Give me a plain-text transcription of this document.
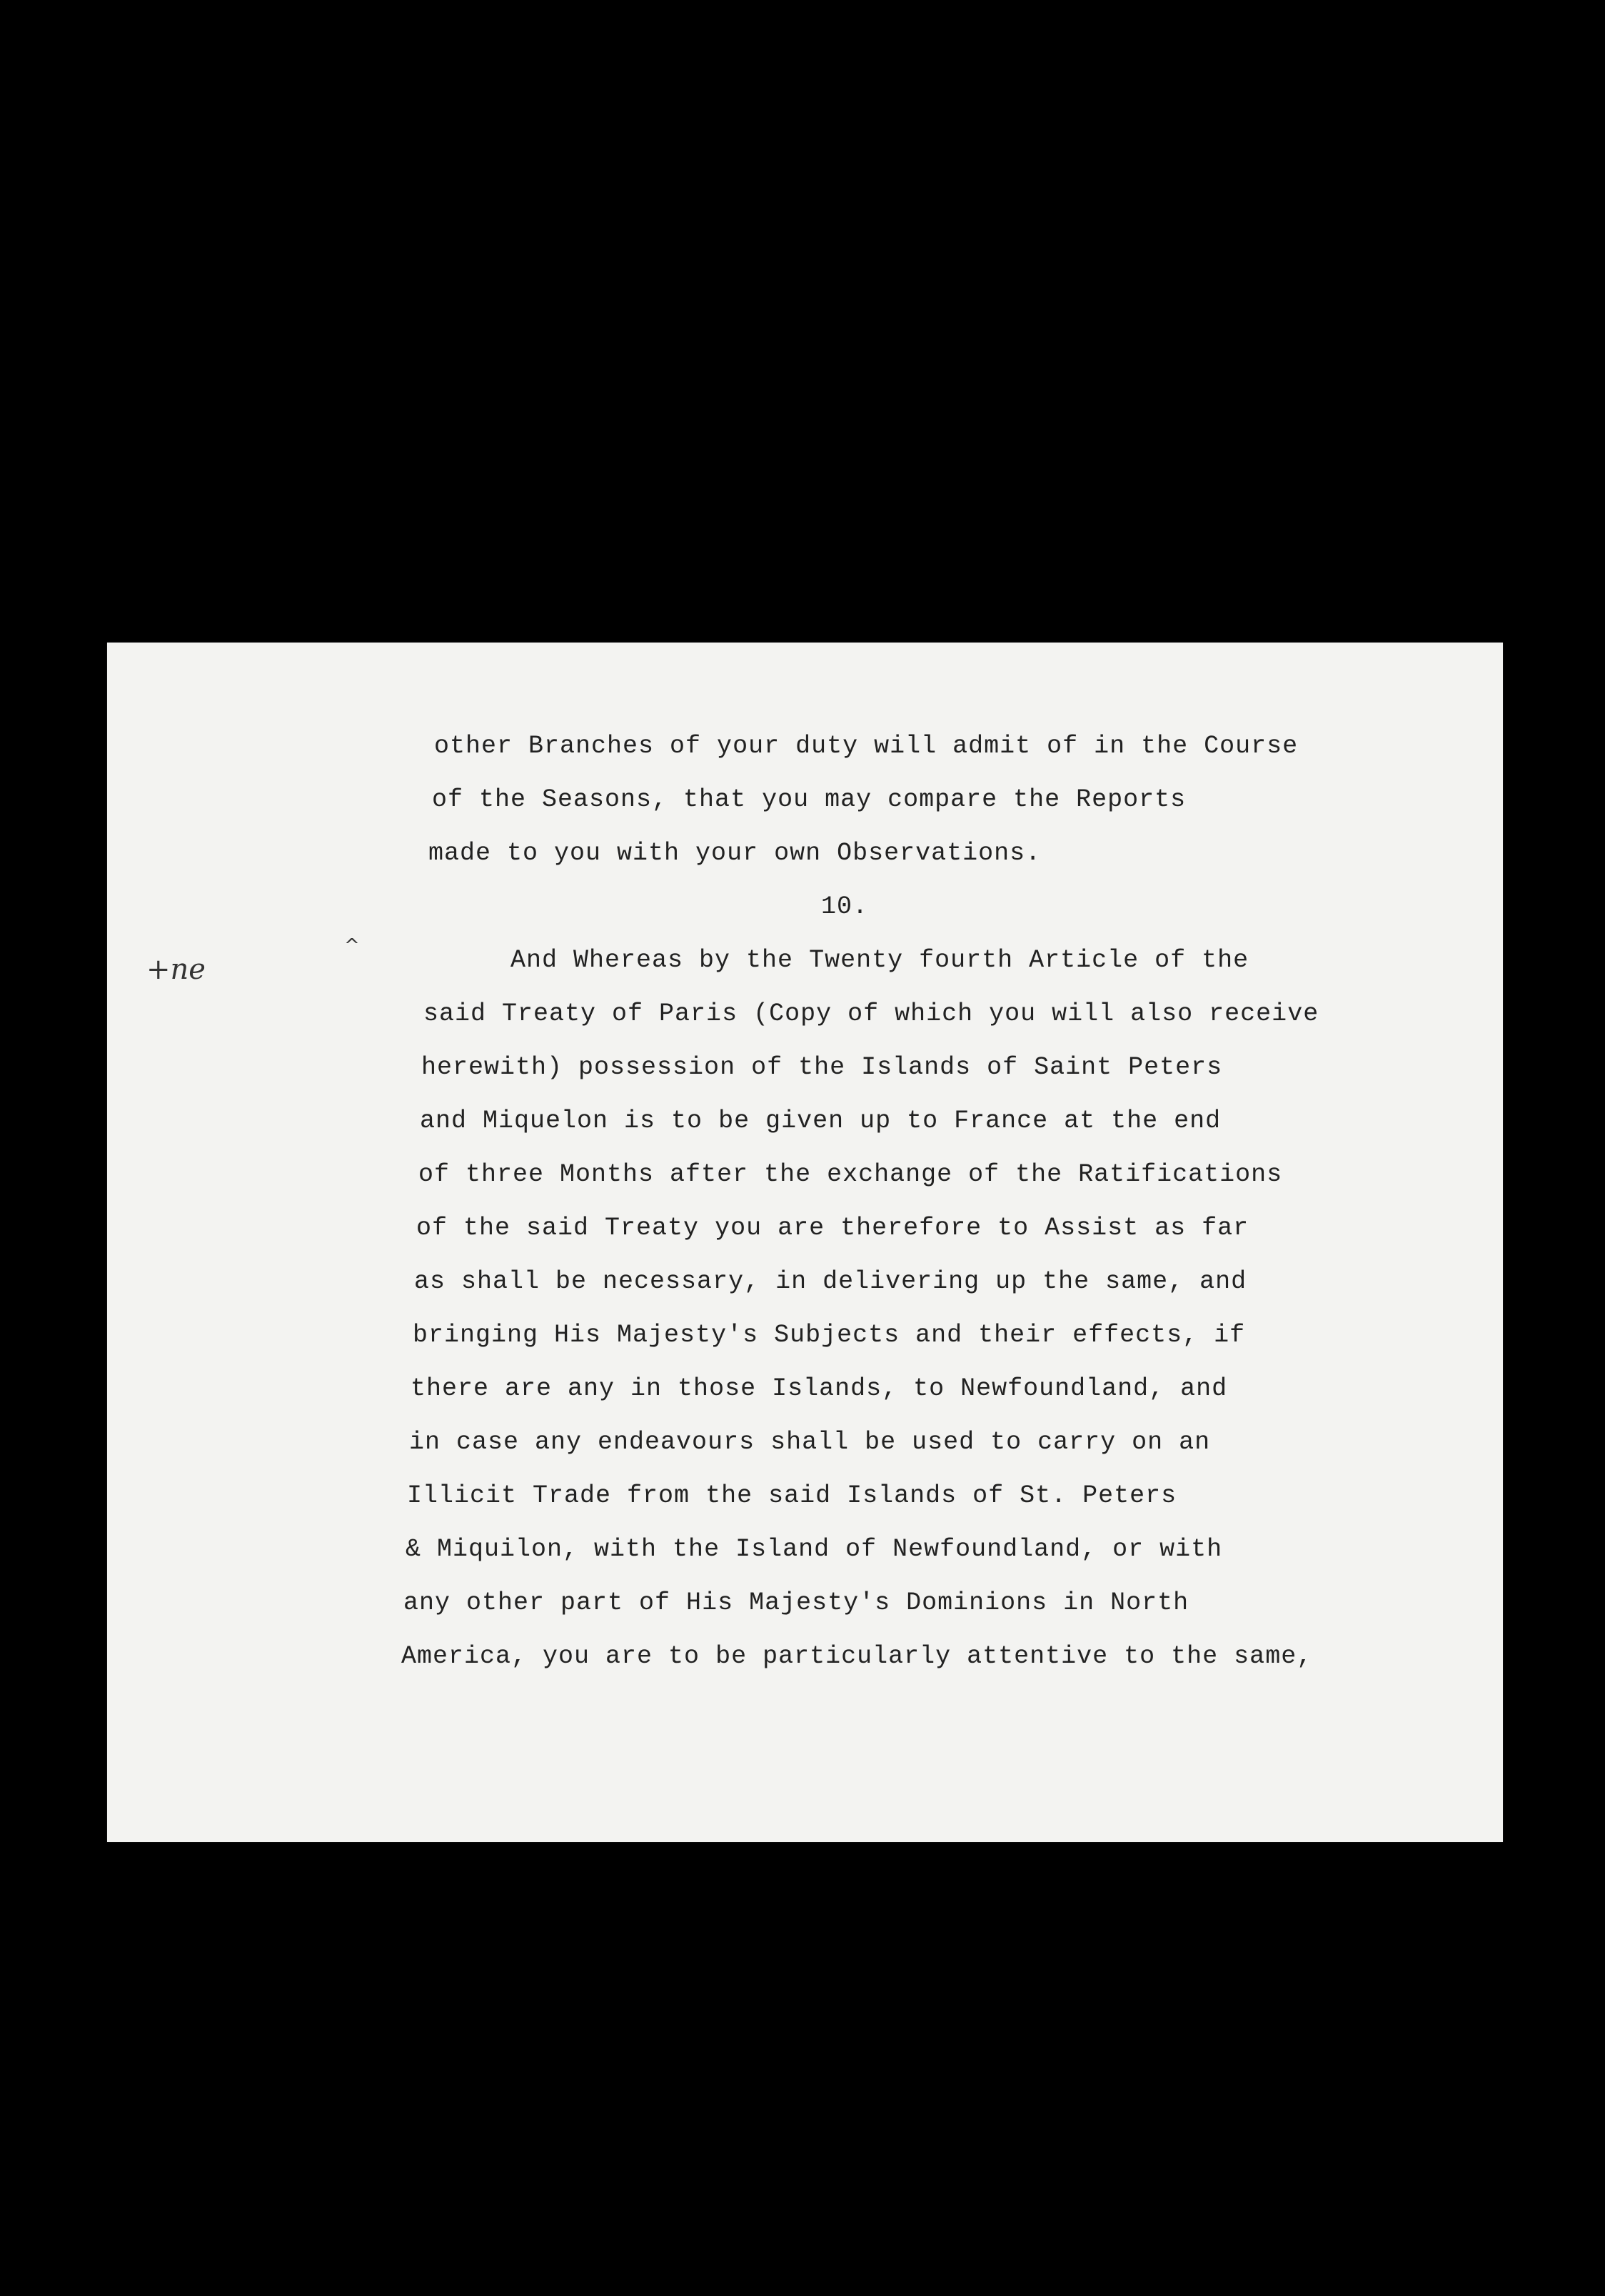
other Branches of your duty will admit of in the Course
of the Seasons, that you may compare the Reports
made to you with your own Observations.
10.
And Whereas by the Twenty fourth Article of the
said Treaty of Paris (Copy of which you will also receive
herewith) possession of the Islands of Saint Peters
and Miquelon is to be given up to France at the end
of three Months after the exchange of the Ratifications
of the said Treaty you are therefore to Assist as far
as shall be necessary, in delivering up the same, and
bringing His Majesty's Subjects and their effects, if
there are any in those Islands, to Newfoundland, and
in case any endeavours shall be used to carry on an
Illicit Trade from the said Islands of St. Peters
& Miquilon, with the Island of Newfoundland, or with
any other part of His Majesty's Dominions in North
America, you are to be particularly attentive to the same,
+ne
^
